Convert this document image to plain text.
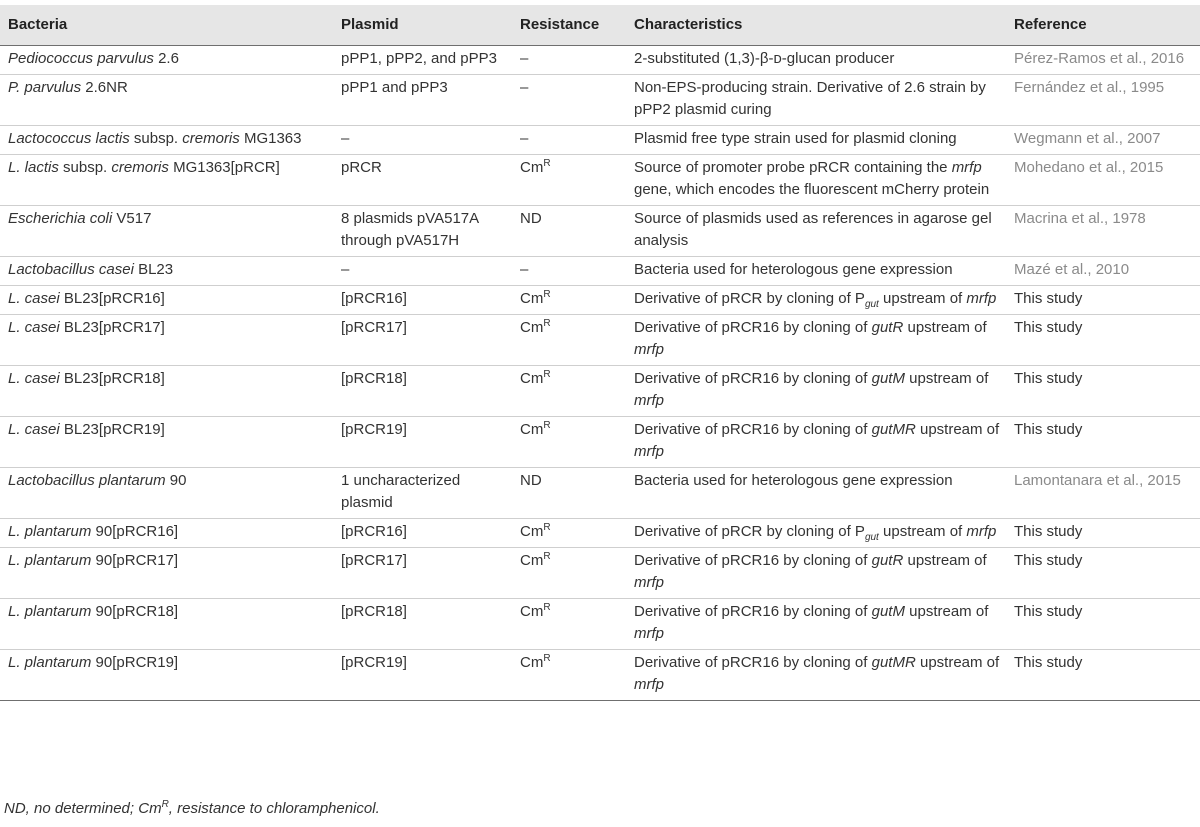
Bacteria	Plasmid	Resistance	Characteristics	Reference
Pediococcus parvulus 2.6	pPP1, pPP2, and pPP3	–	2-substituted (1,3)-β-ᴅ-glucan producer	Pérez-Ramos et al., 2016
P. parvulus 2.6NR	pPP1 and pPP3	–	Non-EPS-producing strain. Derivative of 2.6 strain by pPP2 plasmid curing	Fernández et al., 1995
Lactococcus lactis subsp. cremoris MG1363	–	–	Plasmid free type strain used for plasmid cloning	Wegmann et al., 2007
L. lactis subsp. cremoris MG1363[pRCR]	pRCR	$Cm^R$	Source of promoter probe pRCR containing the mrfp gene, which encodes the fluorescent mCherry protein	Mohedano et al., 2015
Escherichia coli V517	8 plasmids pVA517A through pVA517H	ND	Source of plasmids used as references in agarose gel analysis	Macrina et al., 1978
Lactobacillus casei BL23	–	–	Bacteria used for heterologous gene expression	Mazé et al., 2010
L. casei BL23[pRCR16]	[pRCR16]	$Cm^R$	Derivative of pRCR by cloning of $P_{gut}$ upstream of mrfp	This study
L. casei BL23[pRCR17]	[pRCR17]	$Cm^R$	Derivative of pRCR16 by cloning of gutR upstream of mrfp	This study
L. casei BL23[pRCR18]	[pRCR18]	$Cm^R$	Derivative of pRCR16 by cloning of gutM upstream of mrfp	This study
L. casei BL23[pRCR19]	[pRCR19]	$Cm^R$	Derivative of pRCR16 by cloning of gutMR upstream of mrfp	This study
Lactobacillus plantarum 90	1 uncharacterized plasmid	ND	Bacteria used for heterologous gene expression	Lamontanara et al., 2015
L. plantarum 90[pRCR16]	[pRCR16]	$Cm^R$	Derivative of pRCR by cloning of $P_{gut}$ upstream of mrfp	This study
L. plantarum 90[pRCR17]	[pRCR17]	$Cm^R$	Derivative of pRCR16 by cloning of gutR upstream of mrfp	This study
L. plantarum 90[pRCR18]	[pRCR18]	$Cm^R$	Derivative of pRCR16 by cloning of gutM upstream of mrfp	This study
L. plantarum 90[pRCR19]	[pRCR19]	$Cm^R$	Derivative of pRCR16 by cloning of gutMR upstream of mrfp	This study
ND, no determined; $Cm^R$, resistance to chloramphenicol.
